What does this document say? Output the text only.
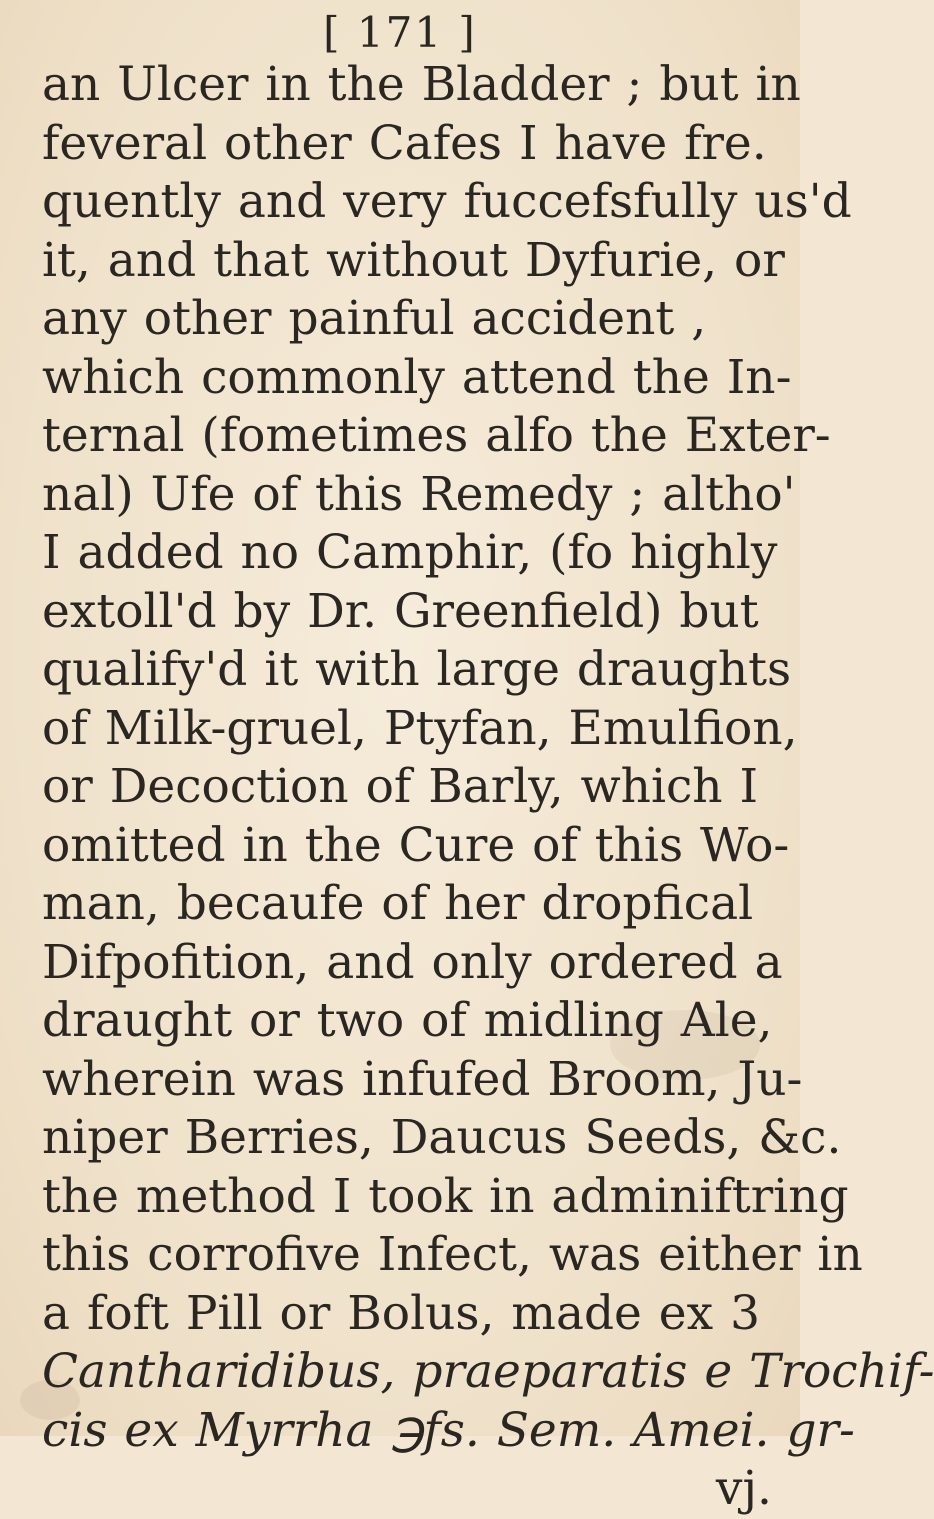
[ 171 ]
an Ulcer in the Bladder ; but in
feveral other Cafes I have fre.
quently and very fuccefsfully us'd
it, and that without Dyfurie, or
any other painful accident ,
which commonly attend the In-
ternal (fometimes alfo the Exter-
nal) Ufe of this Remedy ; altho'
I added no Camphir, (fo highly
extoll'd by Dr. Greenfield) but
qualify'd it with large draughts
of Milk-gruel, Ptyfan, Emulfion,
or Decoction of Barly, which I
omitted in the Cure of this Wo-
man, becaufe of her dropfical
Difpofition, and only ordered a
draught or two of midling Ale,
wherein was infufed Broom, Ju-
niper Berries, Daucus Seeds, &c.
the method I took in adminiftring
this corrofive Infect, was either in
a foft Pill or Bolus, made ex 3
Cantharidibus, praeparatis e Trochif-
cis ex Myrrha ℈fs. Sem. Amei. gr-
vj.
